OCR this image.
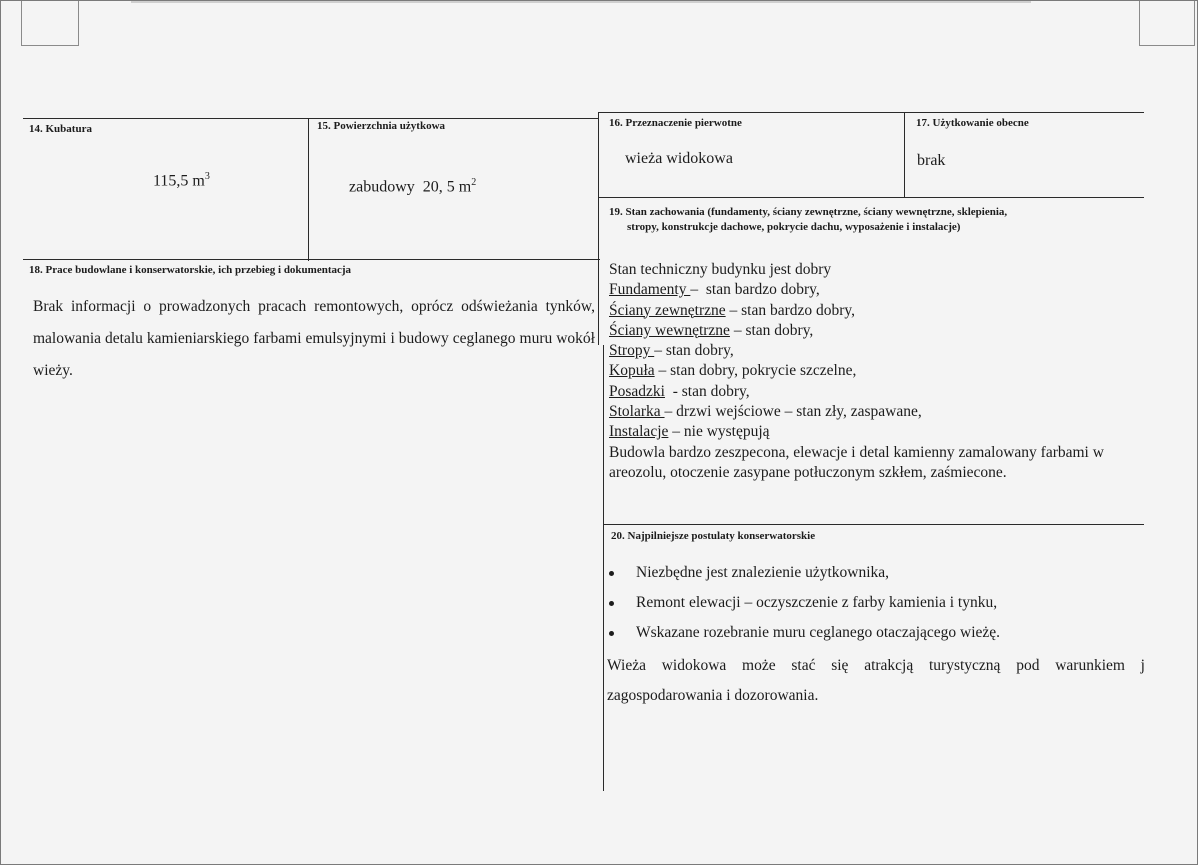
14. Kubatura
115,5 $m^3$
15. Powierzchnia użytkowa
zabudowy  20, 5 $m^2$
16. Przeznaczenie pierwotne
wieża widokowa
17. Użytkowanie obecne
brak
18. Prace budowlane i konserwatorskie, ich przebieg i dokumentacja
Brak informacji o prowadzonych pracach remontowych, oprócz odświeżania tynków, malowania detalu kamieniarskiego farbami emulsyjnymi i budowy ceglanego muru wokół wieży.
19. Stan zachowania (fundamenty, ściany zewnętrzne, ściany wewnętrzne, sklepienia,
stropy, konstrukcje dachowe, pokrycie dachu, wyposażenie i instalacje)
Stan techniczny budynku jest dobry
Fundamenty –  stan bardzo dobry,
Ściany zewnętrzne – stan bardzo dobry,
Ściany wewnętrzne – stan dobry,
Stropy – stan dobry,
Kopuła – stan dobry, pokrycie szczelne,
Posadzki  - stan dobry,
Stolarka – drzwi wejściowe – stan zły, zaspawane,
Instalacje – nie występują
Budowla bardzo zeszpecona, elewacje i detal kamienny zamalowany farbami w areozolu, otoczenie zasypane potłuczonym szkłem, zaśmiecone.
20. Najpilniejsze postulaty konserwatorskie
Niezbędne jest znalezienie użytkownika,
Remont elewacji – oczyszczenie z farby kamienia i tynku,
Wskazane rozebranie muru ceglanego otaczającego wieżę.
Wieża widokowa może stać się atrakcją turystyczną pod warunkiem j zagospodarowania i dozorowania.
